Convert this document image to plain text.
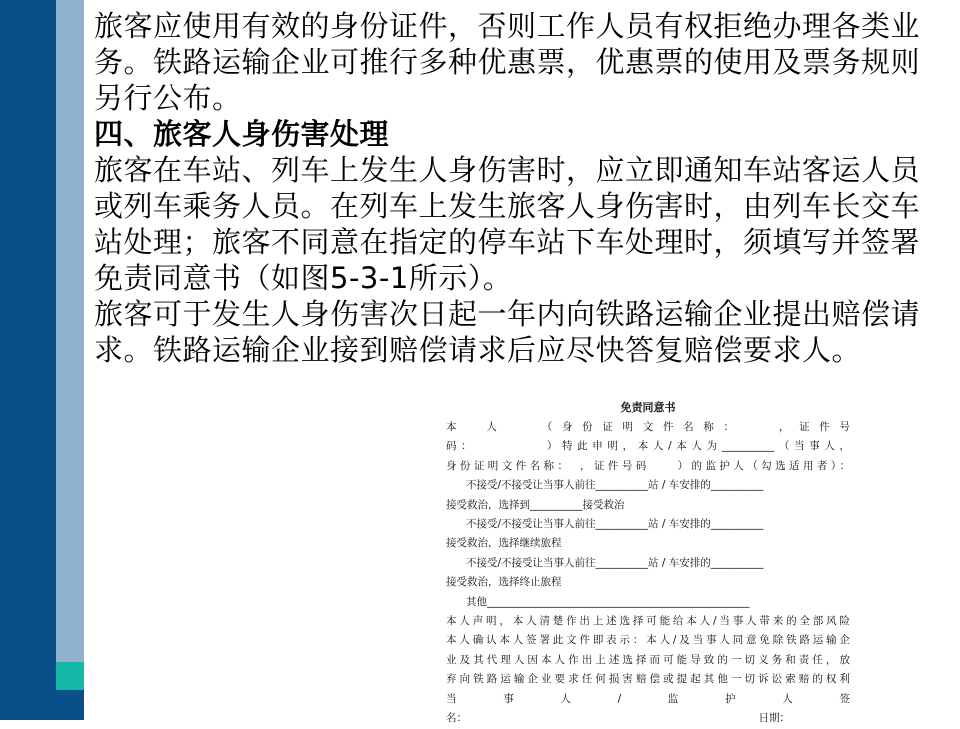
旅客应使用有效的身份证件，否则工作人员有权拒绝办理各类业务。铁路运输企业可推行多种优惠票，优惠票的使用及票务规则另行公布。

四、旅客人身伤害处理

旅客在车站、列车上发生人身伤害时，应立即通知车站客运人员或列车乘务人员。在列车上发生旅客人身伤害时，由列车长交车站处理；旅客不同意在指定的停车站下车处理时，须填写并签署免责同意书（如图5-3-1所示）。

旅客可于发生人身伤害次日起一年内向铁路运输企业提出赔偿请求。铁路运输企业接到赔偿请求后应尽快答复赔偿要求人。

免责同意书
本　人　　（身份证明文件名称：　　，证件号
码：　　　　　）特此申明，本人/本人为__________（当事人，
身份证明文件名称：　，证件号码　　）的监护人（勾选适用者）：
不接受/不接受让当事人前往__________站 / 车安排的__________
接受救治，选择到__________接受救治
不接受/不接受让当事人前往__________站 / 车安排的__________
接受救治，选择继续旅程
不接受/不接受让当事人前往__________站 / 车安排的__________
接受救治，选择终止旅程
其他__________________________________________________
本人声明，本人清楚作出上述选择可能给本人/当事人带来的全部风险
本人确认本人签署此文件即表示：本人/及当事人同意免除铁路运输企
业及其代理人因本人作出上述选择而可能导致的一切义务和责任，放
弃向铁路运输企业要求任何损害赔偿或提起其他一切诉讼索赔的权利
当　事　人　/　监　护　人　签
名：	日期：
